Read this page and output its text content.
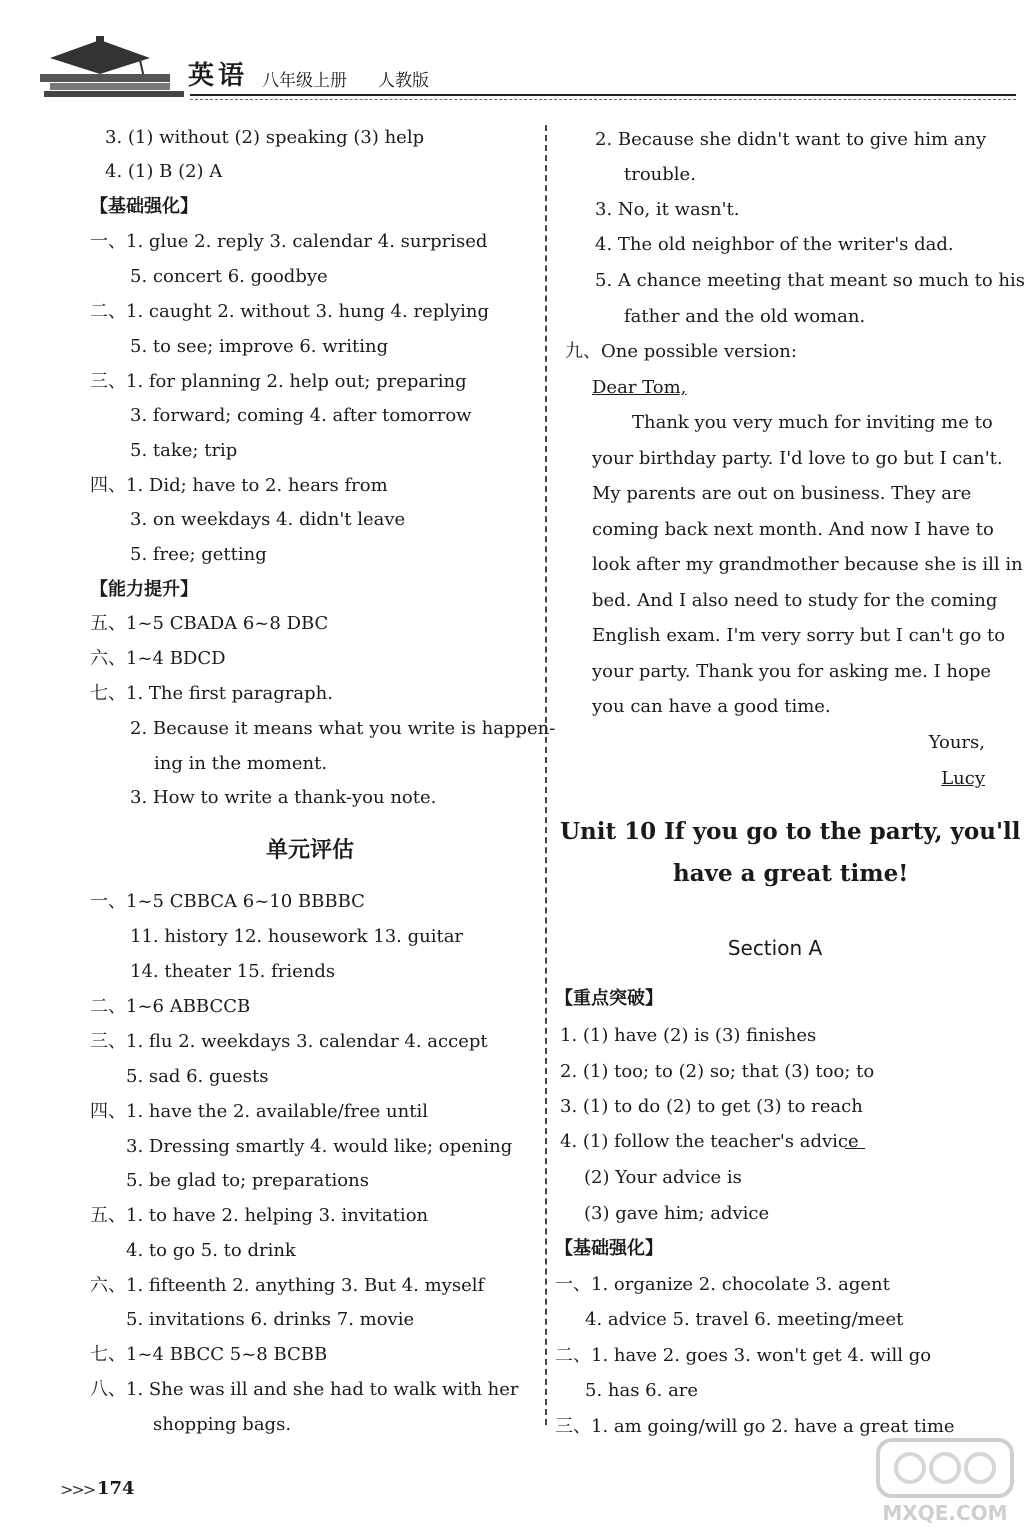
英语 八年级上册 人教版
3. (1) without (2) speaking (3) help
4. (1) B (2) A
【基础强化】
一、1. glue 2. reply 3. calendar 4. surprised
5. concert 6. goodbye
二、1. caught 2. without 3. hung 4. replying
5. to see; improve 6. writing
三、1. for planning 2. help out; preparing
3. forward; coming 4. after tomorrow
5. take; trip
四、1. Did; have to 2. hears from
3. on weekdays 4. didn't leave
5. free; getting
【能力提升】
五、1~5 CBADA 6~8 DBC
六、1~4 BDCD
七、1. The first paragraph.
2. Because it means what you write is happen-
ing in the moment.
3. How to write a thank-you note.
单元评估
一、1~5 CBBCA 6~10 BBBBC
11. history 12. housework 13. guitar
14. theater 15. friends
二、1~6 ABBCCB
三、1. flu 2. weekdays 3. calendar 4. accept
5. sad 6. guests
四、1. have the 2. available/free until
3. Dressing smartly 4. would like; opening
5. be glad to; preparations
五、1. to have 2. helping 3. invitation
4. to go 5. to drink
六、1. fifteenth 2. anything 3. But 4. myself
5. invitations 6. drinks 7. movie
七、1~4 BBCC 5~8 BCBB
八、1. She was ill and she had to walk with her
shopping bags.
2. Because she didn't want to give him any
trouble.
3. No, it wasn't.
4. The old neighbor of the writer's dad.
5. A chance meeting that meant so much to his
father and the old woman.
九、One possible version:
Dear Tom,
Thank you very much for inviting me to
your birthday party. I'd love to go but I can't.
My parents are out on business. They are
coming back next month. And now I have to
look after my grandmother because she is ill in
bed. And I also need to study for the coming
English exam. I'm very sorry but I can't go to
your party. Thank you for asking me. I hope
you can have a good time.
Yours,
Lucy
Unit 10 If you go to the party, you'll
have a great time!
Section A
【重点突破】
1. (1) have (2) is (3) finishes
2. (1) too; to (2) so; that (3) too; to
3. (1) to do (2) to get (3) to reach
4. (1) follow the teacher's advice
(2) Your advice is
(3) gave him; advice
【基础强化】
一、1. organize 2. chocolate 3. agent
4. advice 5. travel 6. meeting/meet
二、1. have 2. goes 3. won't get 4. will go
5. has 6. are
三、1. am going/will go 2. have a great time
>>> 174
MXQE.COM
